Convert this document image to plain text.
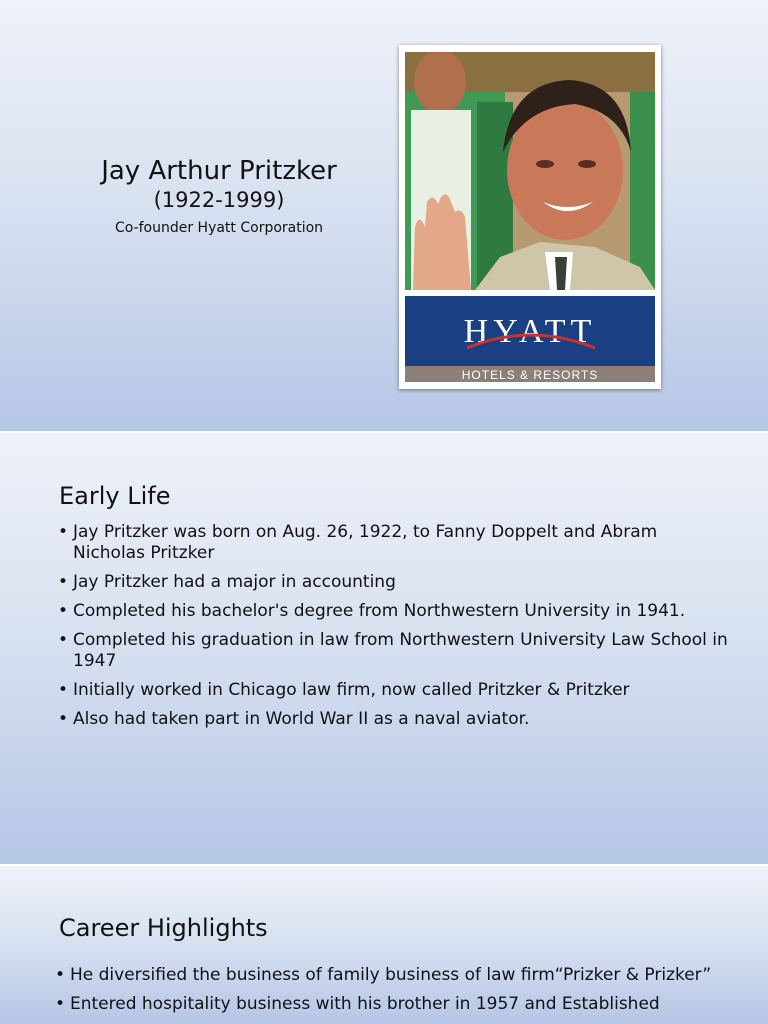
Jay Arthur Pritzker
(1922-1999)
Co-founder Hyatt Corporation
HYATT
HOTELS & RESORTS
Early Life
• Jay Pritzker was born on Aug. 26, 1922, to Fanny Doppelt and Abram Nicholas Pritzker
• Jay Pritzker had a major in accounting
• Completed his bachelor's degree from Northwestern University in 1941.
• Completed his graduation in law from Northwestern University Law School in 1947
• Initially worked in Chicago law firm, now called Pritzker & Pritzker
• Also had taken part in World War II as a naval aviator.
Career Highlights
• He diversified the business of family business of law firm“Prizker & Prizker”
• Entered hospitality business with his brother in 1957 and Established
